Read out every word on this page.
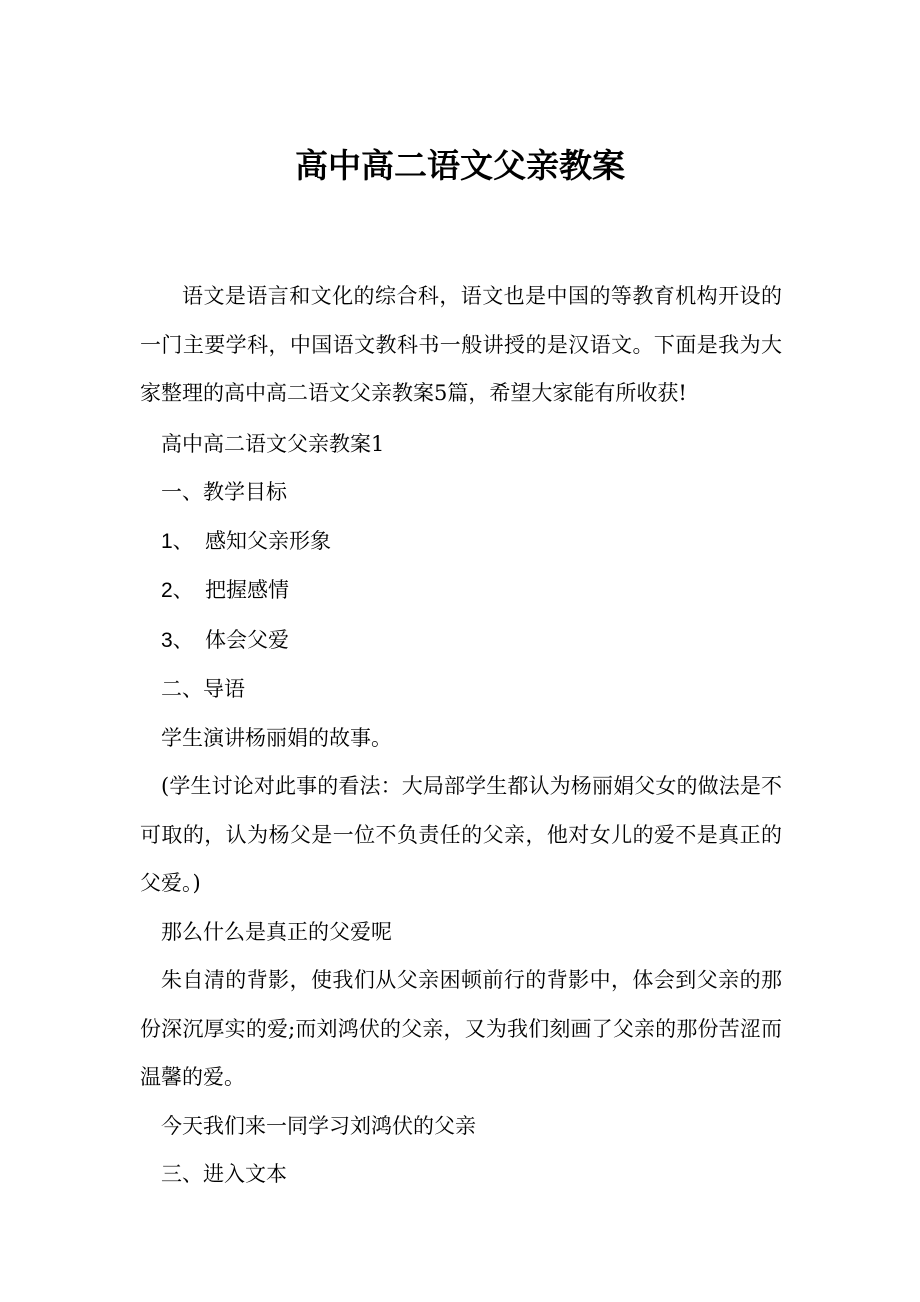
高中高二语文父亲教案

语文是语言和文化的综合科，语文也是中国的等教育机构开设的一门主要学科，中国语文教科书一般讲授的是汉语文。下面是我为大家整理的高中高二语文父亲教案5篇，希望大家能有所收获!

高中高二语文父亲教案1

一、教学目标

1、 感知父亲形象
2、 把握感情
3、 体会父爱

二、导语

学生演讲杨丽娟的故事。

(学生讨论对此事的看法：大局部学生都认为杨丽娟父女的做法是不可取的，认为杨父是一位不负责任的父亲，他对女儿的爱不是真正的父爱。)

那么什么是真正的父爱呢

朱自清的背影，使我们从父亲困顿前行的背影中，体会到父亲的那份深沉厚实的爱;而刘鸿伏的父亲，又为我们刻画了父亲的那份苦涩而温馨的爱。

今天我们来一同学习刘鸿伏的父亲

三、进入文本
